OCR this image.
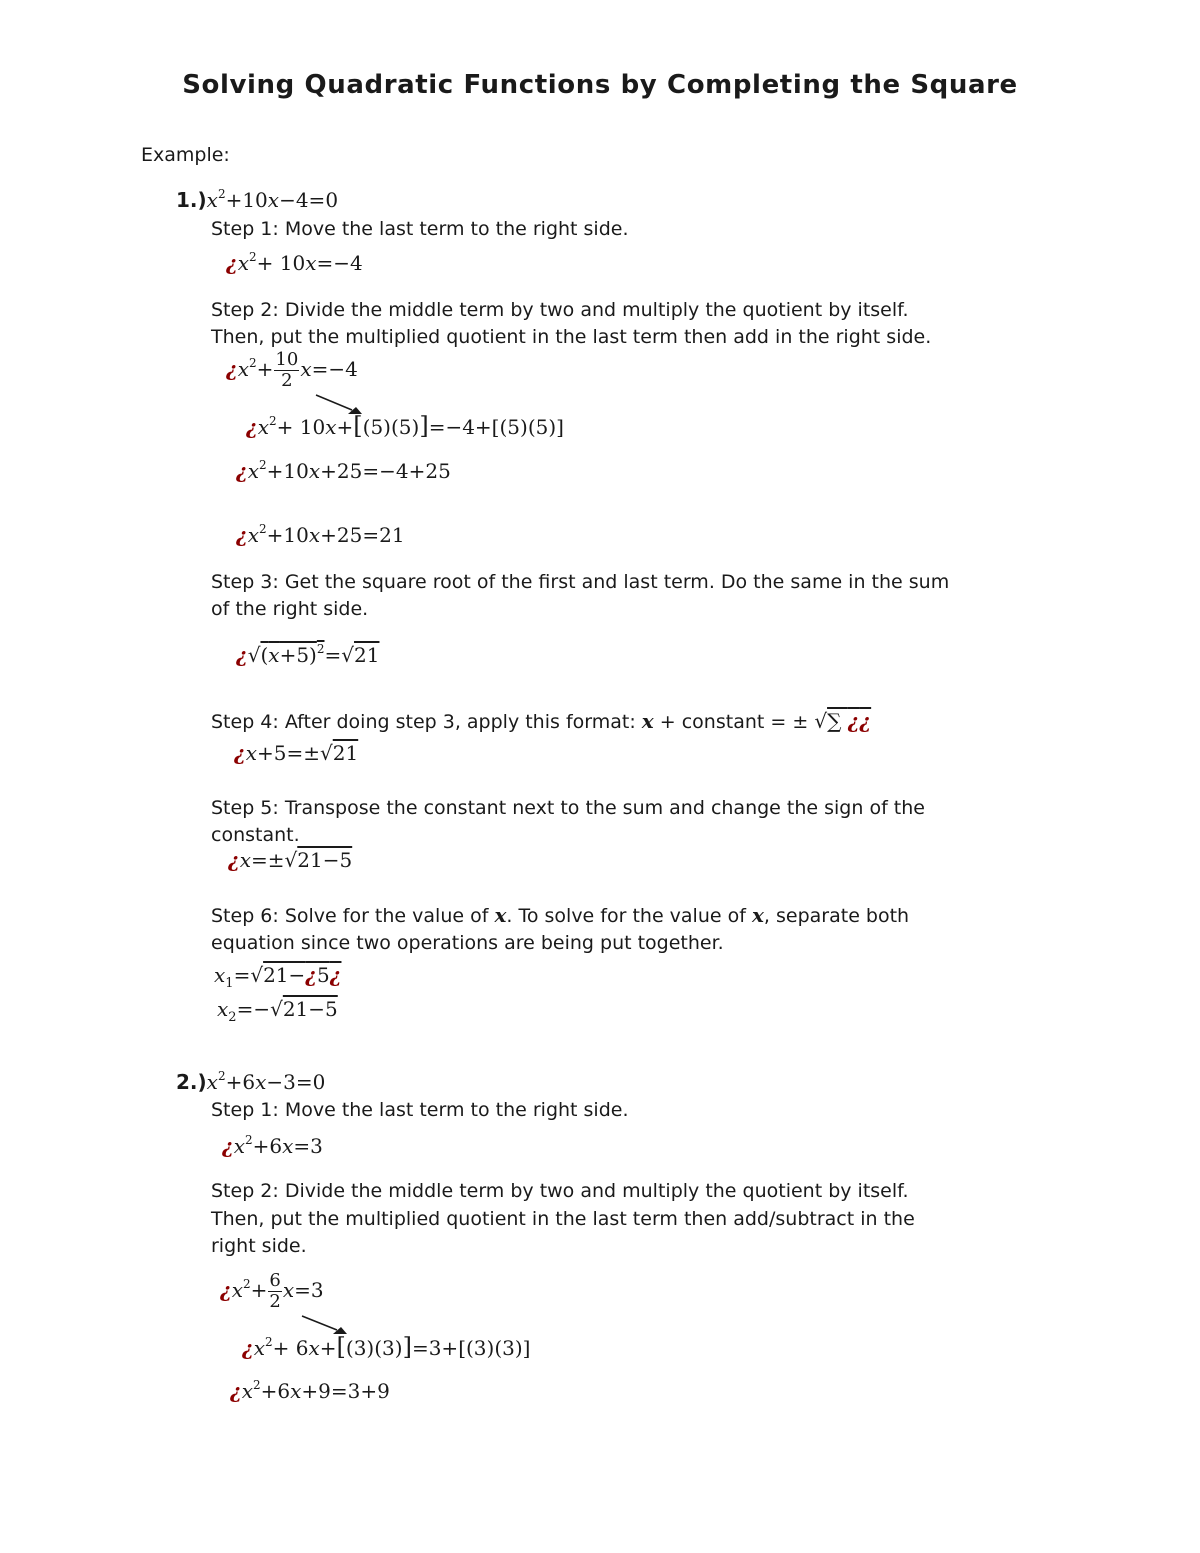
Solving Quadratic Functions by Completing the Square
Example:
$1.)x^2+10x-4=0$
Step 1: Move the last term to the right side.
¿$x^2+ 10x=-4$
Step 2: Divide the middle term by two and multiply the quotient by itself.
Then, put the multiplied quotient in the last term then add in the right side.
¿$x^2+ \frac{10}{2} x=-4$
¿$x^2+ 10x+[(5)(5)]=-4+[(5)(5)]$
¿$x^2+10x+25=-4+25$
¿$x^2+10x+25=21$
Step 3: Get the square root of the first and last term. Do the same in the sum
of the right side.
¿$√(x+5)^2=√21$
Step 4: After doing step 3, apply this format: x + constant = ± √∑ ¿¿
¿x+5=±√21
Step 5: Transpose the constant next to the sum and change the sign of the
constant.
¿x=±√21−5
Step 6: Solve for the value of x. To solve for the value of x, separate both
equation since two operations are being put together.
$x_1=√21-¿5¿$
$x_2=-√21-5$
$2.)x^2+6x-3=0$
Step 1: Move the last term to the right side.
¿$x^2+6x=3$
Step 2: Divide the middle term by two and multiply the quotient by itself.
Then, put the multiplied quotient in the last term then add/subtract in the
right side.
¿$x^2+ \frac{6}{2} x=3$
¿$x^2+ 6x+[(3)(3)]=3+[(3)(3)]$
¿$x^2+6x+9=3+9$
